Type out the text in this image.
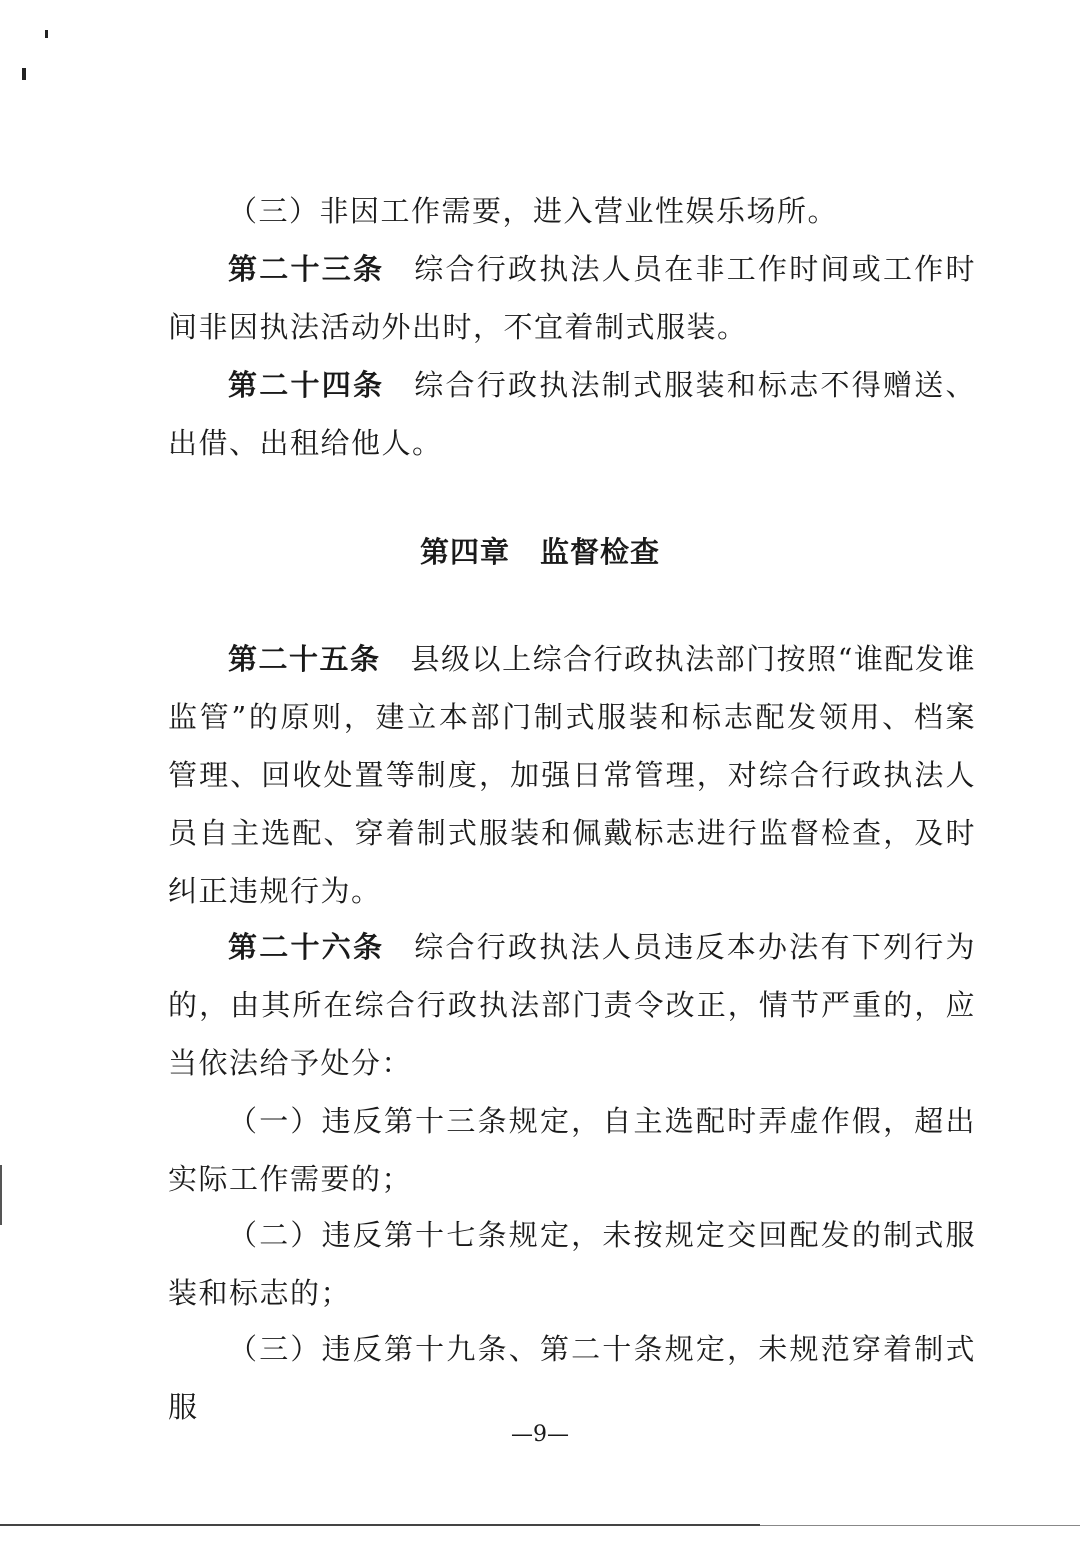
（三）非因工作需要，进入营业性娱乐场所。

第二十三条 综合行政执法人员在非工作时间或工作时间非因执法活动外出时，不宜着制式服装。

第二十四条 综合行政执法制式服装和标志不得赠送、出借、出租给他人。

第四章 监督检查

第二十五条 县级以上综合行政执法部门按照“谁配发谁监管”的原则，建立本部门制式服装和标志配发领用、档案管理、回收处置等制度，加强日常管理，对综合行政执法人员自主选配、穿着制式服装和佩戴标志进行监督检查，及时纠正违规行为。

第二十六条 综合行政执法人员违反本办法有下列行为的，由其所在综合行政执法部门责令改正，情节严重的，应当依法给予处分：

（一）违反第十三条规定，自主选配时弄虚作假，超出实际工作需要的；

（二）违反第十七条规定，未按规定交回配发的制式服装和标志的；

（三）违反第十九条、第二十条规定，未规范穿着制式服

—9—
